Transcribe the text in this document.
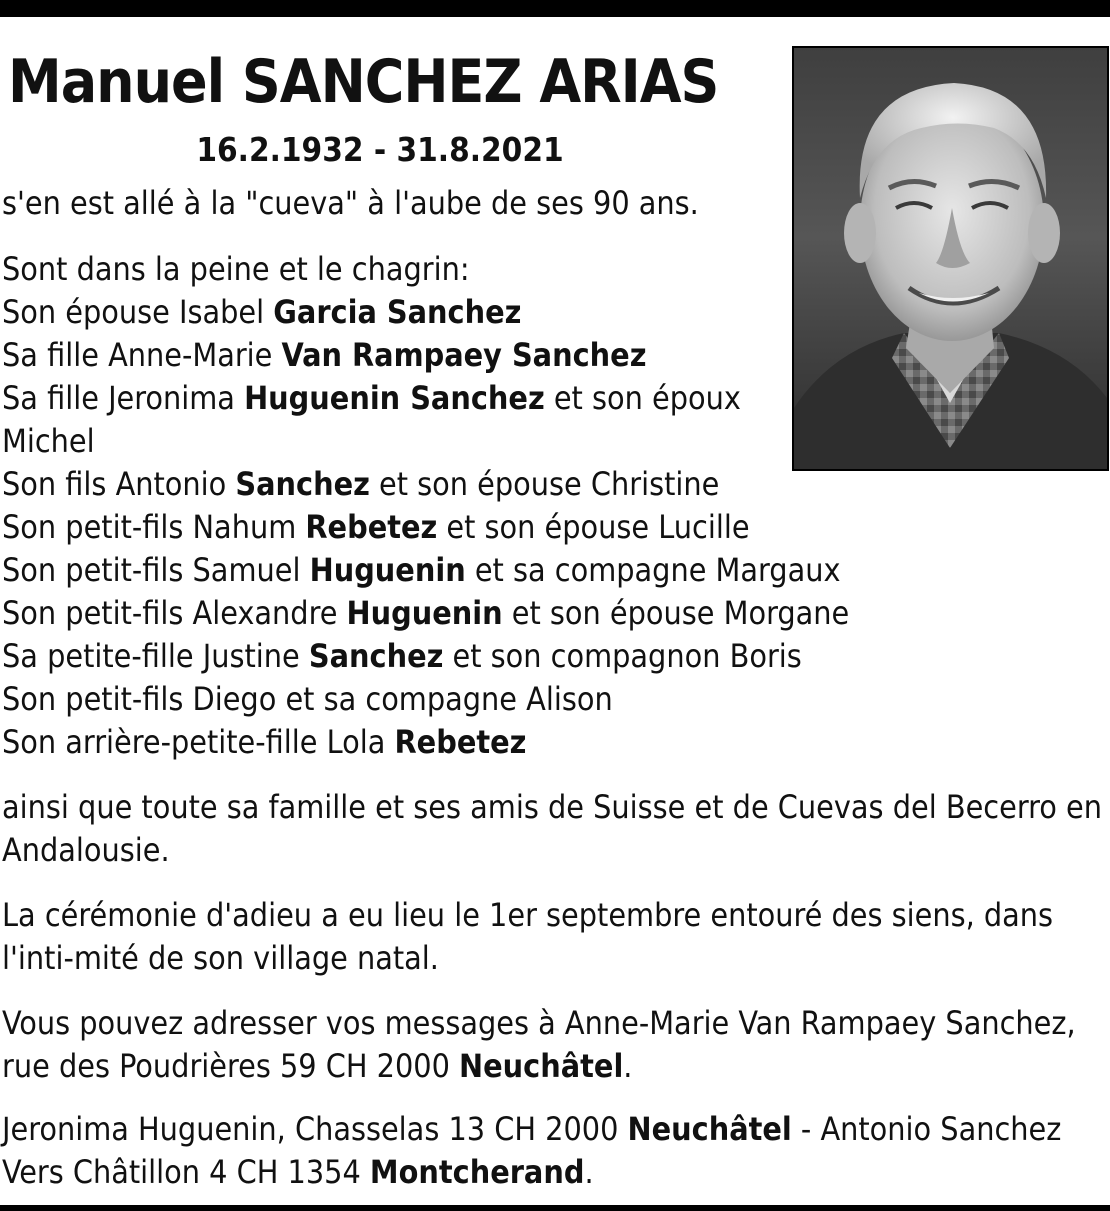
Manuel SANCHEZ ARIAS
16.2.1932 - 31.8.2021
s'en est allé à la "cueva" à l'aube de ses 90 ans.
Sont dans la peine et le chagrin:
Son épouse Isabel Garcia Sanchez
Sa fille Anne-Marie Van Rampaey Sanchez
Sa fille Jeronima Huguenin Sanchez et son époux Michel
Son fils Antonio Sanchez et son épouse Christine
Son petit-fils Nahum Rebetez et son épouse Lucille
Son petit-fils Samuel Huguenin et sa compagne Margaux
Son petit-fils Alexandre Huguenin et son épouse Morgane
Sa petite-fille Justine Sanchez et son compagnon Boris
Son petit-fils Diego et sa compagne Alison
Son arrière-petite-fille Lola Rebetez
ainsi que toute sa famille et ses amis de Suisse et de Cuevas del Becerro en Andalousie.
La cérémonie d'adieu a eu lieu le 1er septembre entouré des siens, dans l'inti-mité de son village natal.
Vous pouvez adresser vos messages à Anne-Marie Van Rampaey Sanchez, rue des Poudrières 59 CH 2000 Neuchâtel.
Jeronima Huguenin, Chasselas 13 CH 2000 Neuchâtel - Antonio Sanchez Vers Châtillon 4 CH 1354 Montcherand.
